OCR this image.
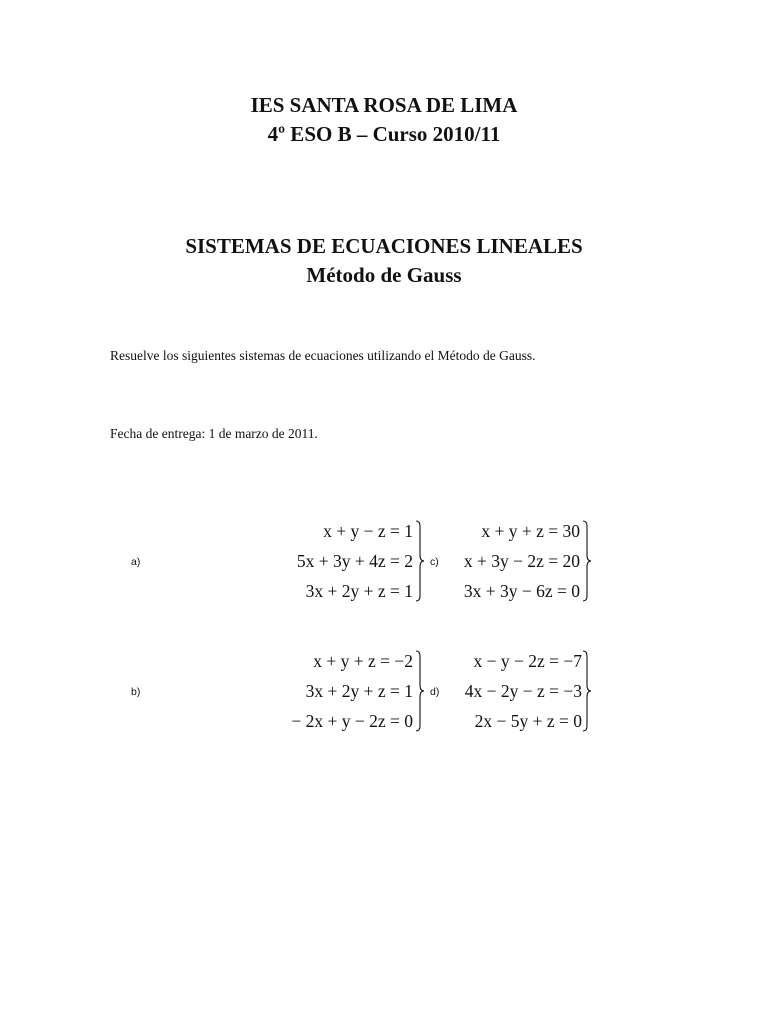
IES SANTA ROSA DE LIMA
4º ESO B – Curso 2010/11
SISTEMAS DE ECUACIONES LINEALES
Método de Gauss
Resuelve los siguientes sistemas de ecuaciones utilizando el Método de Gauss.
Fecha de entrega: 1 de marzo de 2011.
a)
x + y − z = 1
5x + 3y + 4z = 2
3x + 2y + z = 1
c)
x + y + z = 30
x + 3y − 2z = 20
3x + 3y − 6z = 0
b)
x + y + z = −2
3x + 2y + z = 1
− 2x + y − 2z = 0
d)
x − y − 2z = −7
4x − 2y − z = −3
2x − 5y + z = 0
